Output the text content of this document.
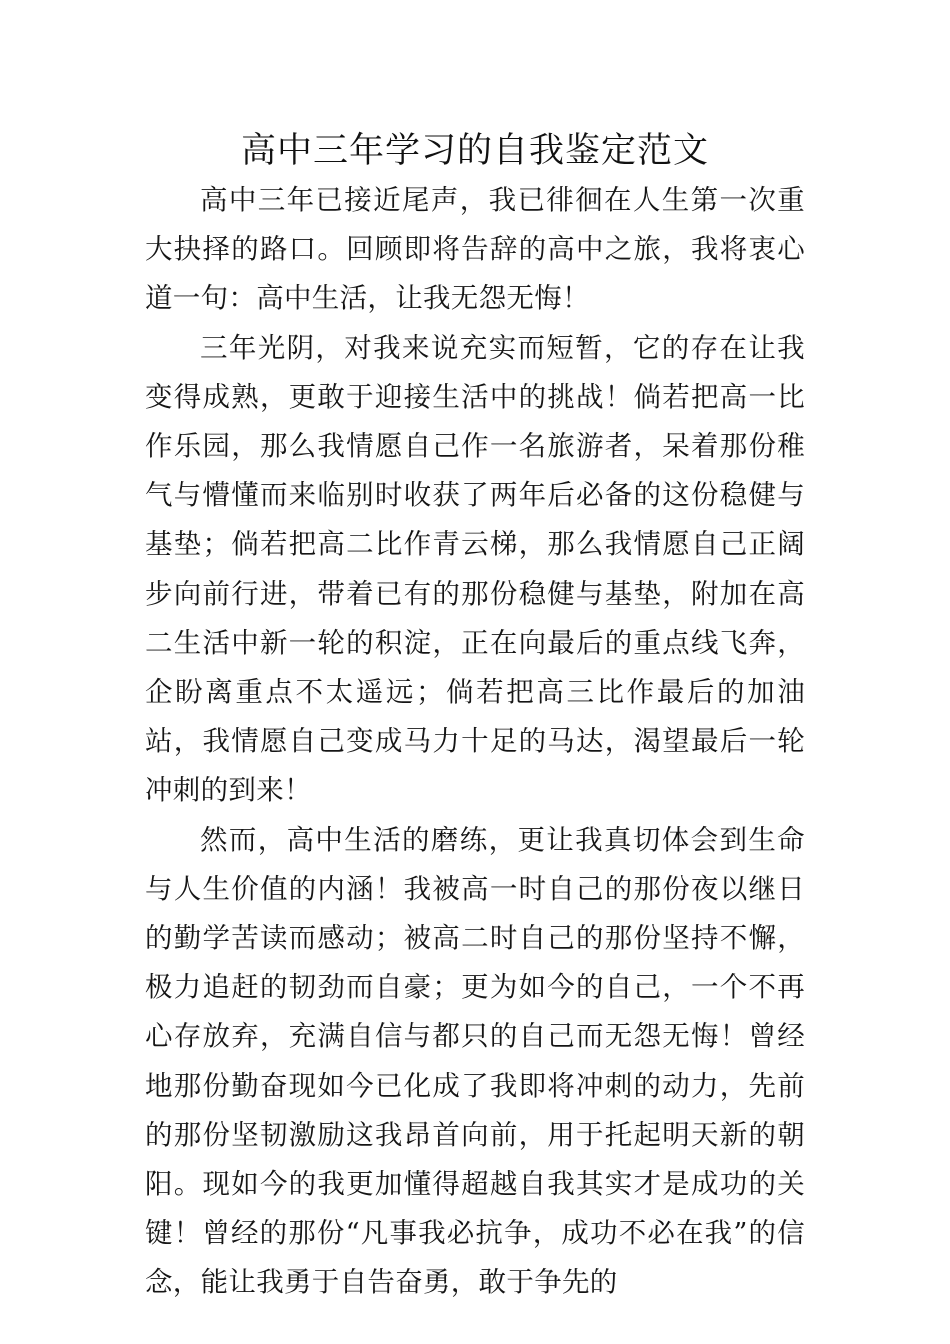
高中三年学习的自我鉴定范文

高中三年已接近尾声，我已徘徊在人生第一次重大抉择的路口。回顾即将告辞的高中之旅，我将衷心道一句：高中生活，让我无怨无悔！

三年光阴，对我来说充实而短暂，它的存在让我变得成熟，更敢于迎接生活中的挑战！倘若把高一比作乐园，那么我情愿自己作一名旅游者，呆着那份稚气与懵懂而来临别时收获了两年后必备的这份稳健与基垫；倘若把高二比作青云梯，那么我情愿自己正阔步向前行进，带着已有的那份稳健与基垫，附加在高二生活中新一轮的积淀，正在向最后的重点线飞奔，企盼离重点不太遥远；倘若把高三比作最后的加油站，我情愿自己变成马力十足的马达，渴望最后一轮冲刺的到来！

然而，高中生活的磨练，更让我真切体会到生命与人生价值的内涵！我被高一时自己的那份夜以继日的勤学苦读而感动；被高二时自己的那份坚持不懈，极力追赶的韧劲而自豪；更为如今的自己，一个不再心存放弃，充满自信与都只的自己而无怨无悔！曾经地那份勤奋现如今已化成了我即将冲刺的动力，先前的那份坚韧激励这我昂首向前，用于托起明天新的朝阳。现如今的我更加懂得超越自我其实才是成功的关键！曾经的那份“凡事我必抗争，成功不必在我”的信念，能让我勇于自告奋勇，敢于争先的
